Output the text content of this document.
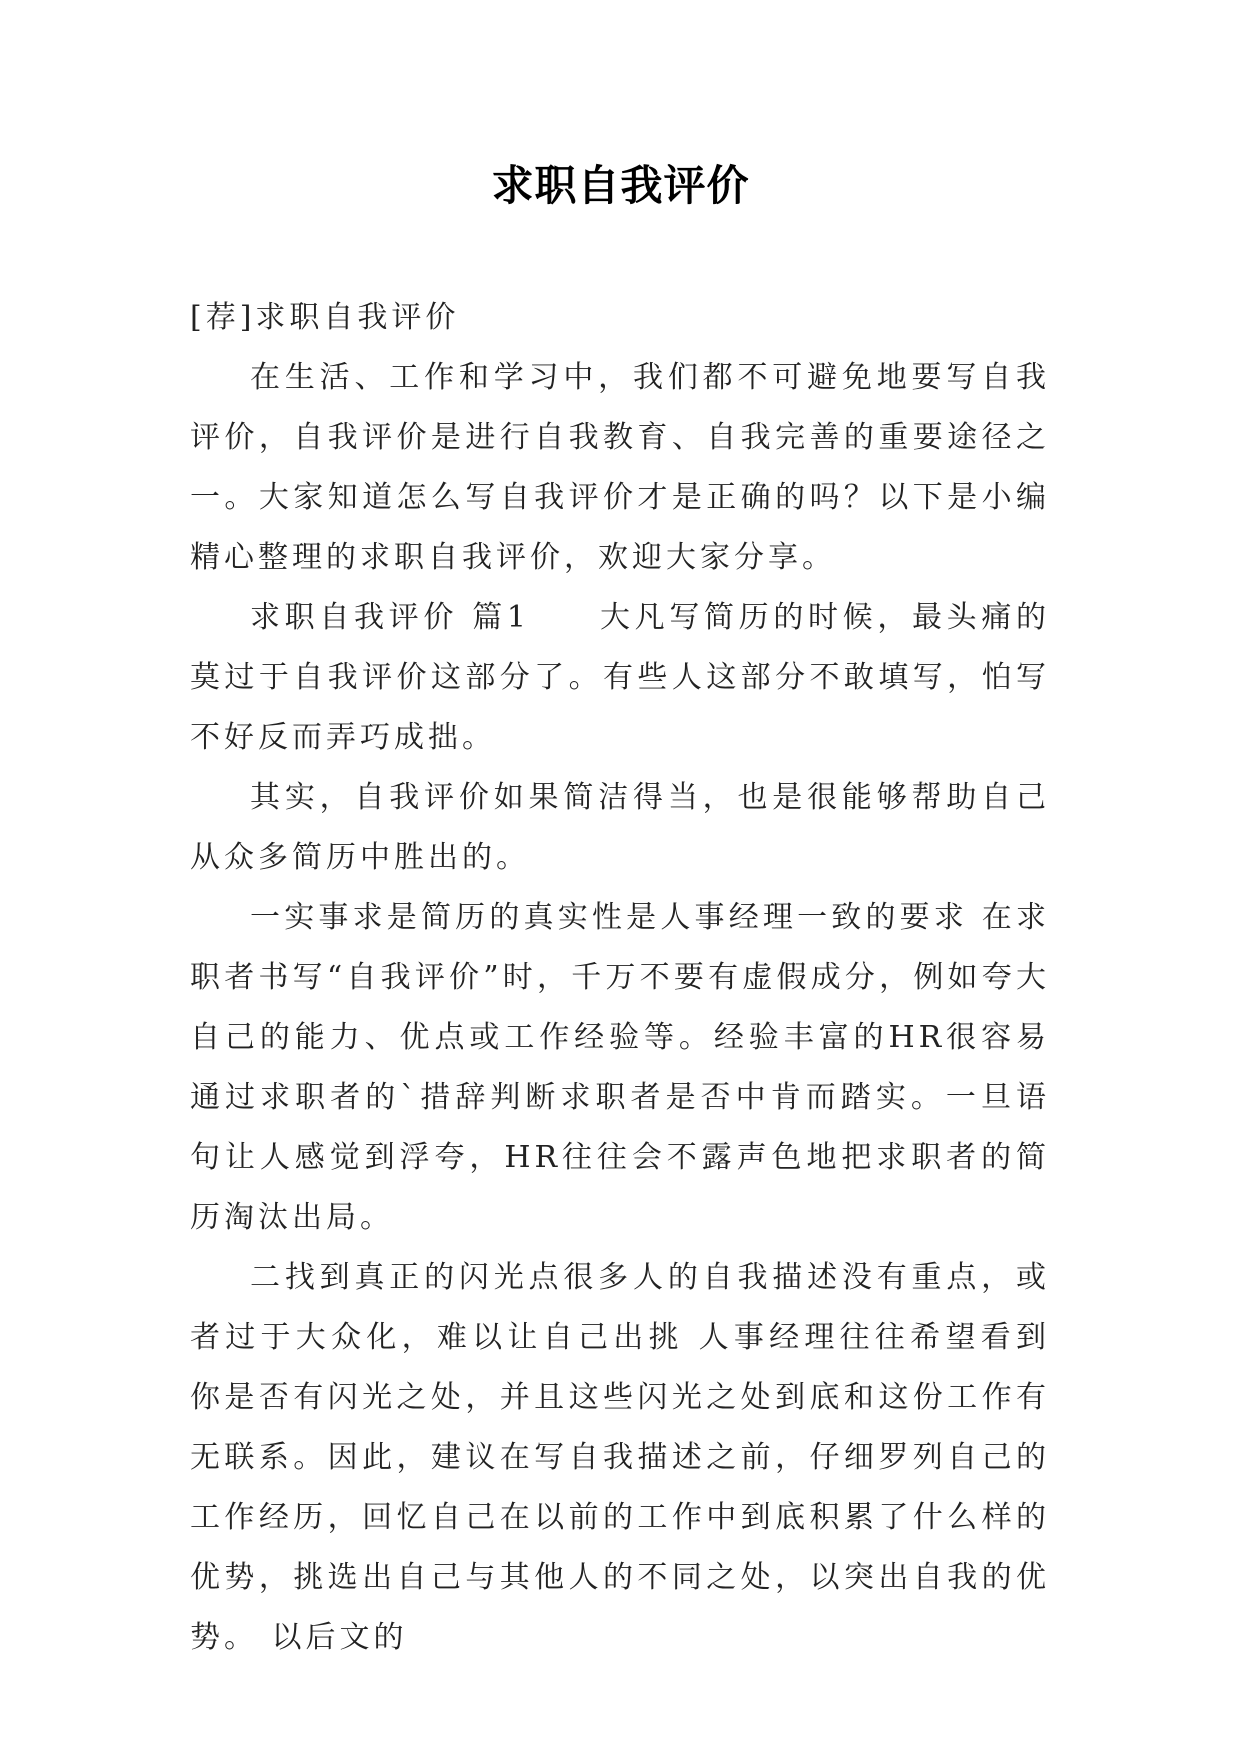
求职自我评价

[荐]求职自我评价

在生活、工作和学习中，我们都不可避免地要写自我评价，自我评价是进行自我教育、自我完善的重要途径之一。大家知道怎么写自我评价才是正确的吗？以下是小编精心整理的求职自我评价，欢迎大家分享。

求职自我评价 篇1　　大凡写简历的时候，最头痛的莫过于自我评价这部分了。有些人这部分不敢填写，怕写不好反而弄巧成拙。

其实，自我评价如果简洁得当，也是很能够帮助自己从众多简历中胜出的。

一实事求是简历的真实性是人事经理一致的要求 在求职者书写“自我评价”时，千万不要有虚假成分，例如夸大自己的能力、优点或工作经验等。经验丰富的HR很容易通过求职者的`措辞判断求职者是否中肯而踏实。一旦语句让人感觉到浮夸，HR往往会不露声色地把求职者的简历淘汰出局。

二找到真正的闪光点很多人的自我描述没有重点，或者过于大众化，难以让自己出挑 人事经理往往希望看到你是否有闪光之处，并且这些闪光之处到底和这份工作有无联系。因此，建议在写自我描述之前，仔细罗列自己的工作经历，回忆自己在以前的工作中到底积累了什么样的优势，挑选出自己与其他人的不同之处，以突出自我的优势。 以后文的
